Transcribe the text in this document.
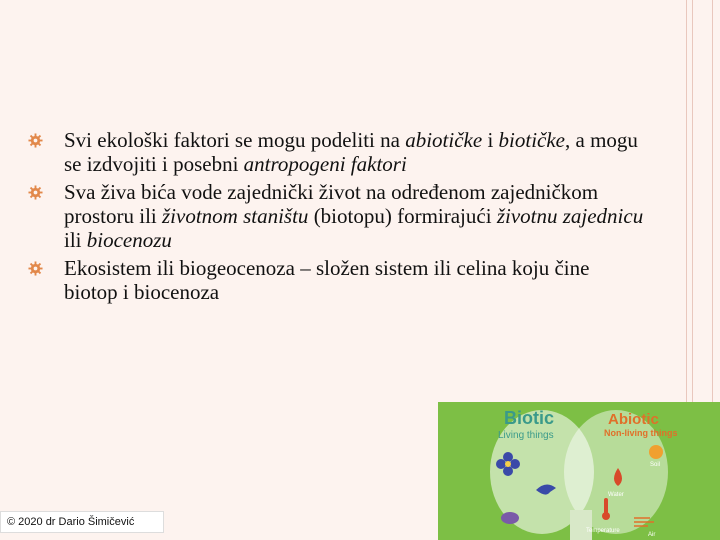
Svi ekološki faktori se mogu podeliti na abiotičke i biotičke, a mogu se izdvojiti i posebni antropogeni faktori
Sva živa bića vode zajednički život na određenom zajedničkom prostoru ili životnom staništu (biotopu) formirajući životnu zajednicu ili biocenozu
Ekosistem ili biogeocenoza – složen sistem ili celina koju čine biotop i biocenoza
Biotic
Living things
Abiotic
Non-living things
Soil
Water
Temperature
Air
© 2020 dr Dario Šimičević
